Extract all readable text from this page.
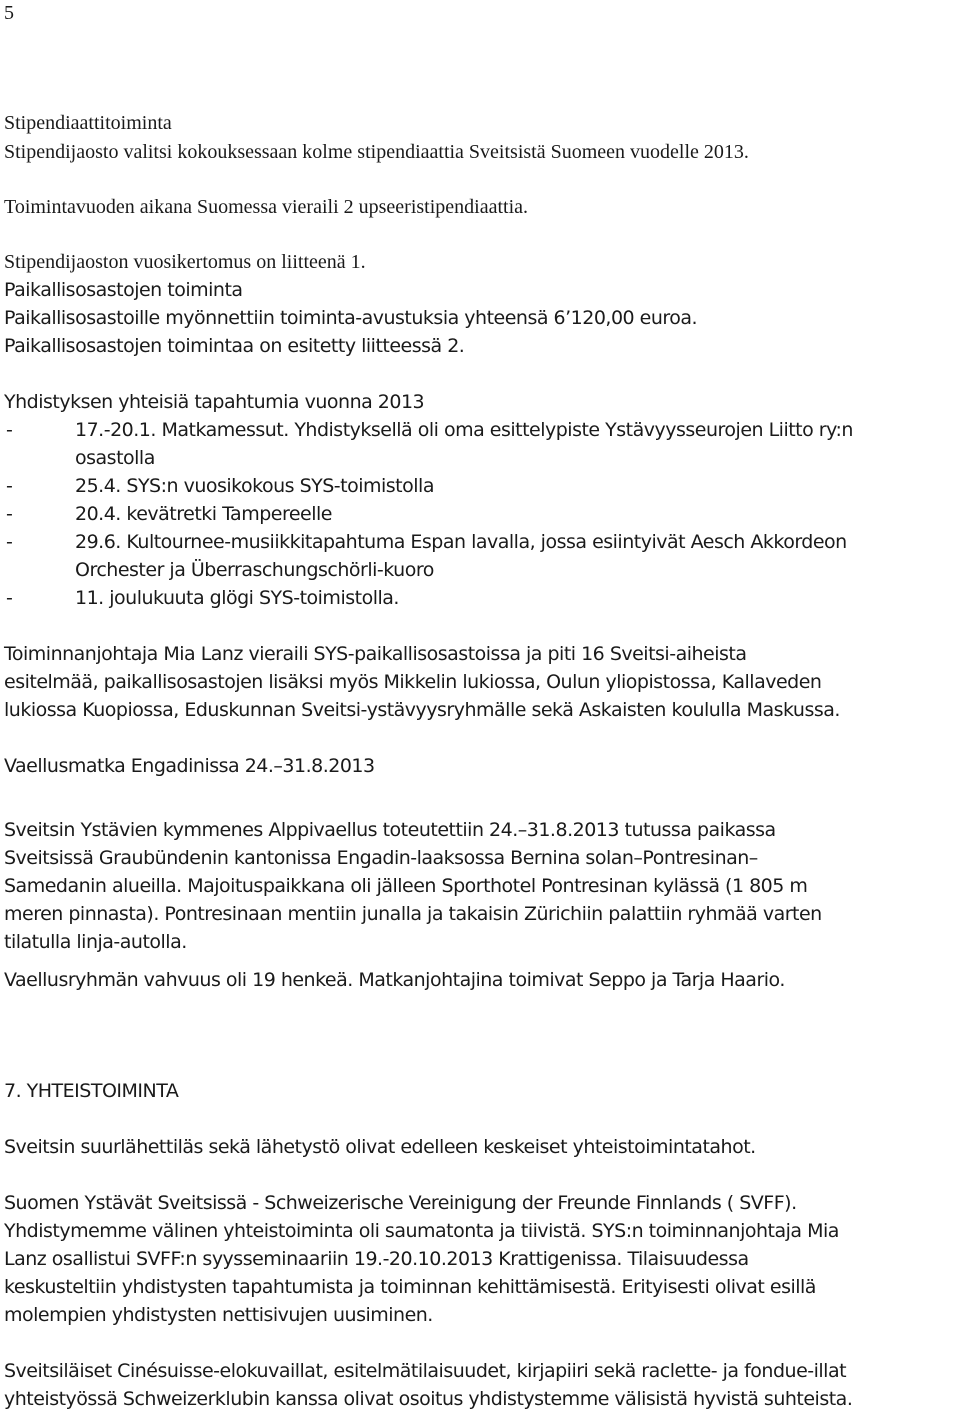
5
Stipendiaattitoiminta
Stipendijaosto valitsi kokouksessaan kolme stipendiaattia Sveitsistä Suomeen vuodelle 2013.
Toimintavuoden aikana Suomessa vieraili 2 upseeristipendiaattia.
Stipendijaoston vuosikertomus on liitteenä 1.
Paikallisosastojen toiminta
Paikallisosastoille myönnettiin toiminta-avustuksia yhteensä 6’120,00 euroa.
Paikallisosastojen toimintaa on esitetty liitteessä 2.
Yhdistyksen yhteisiä tapahtumia vuonna 2013
-	17.-20.1. Matkamessut. Yhdistyksellä oli oma esittelypiste Ystävyysseurojen Liitto ry:n
osastolla
-	25.4. SYS:n vuosikokous SYS-toimistolla
-	20.4. kevätretki Tampereelle
-	29.6. Kultournee-musiikkitapahtuma Espan lavalla, jossa esiintyivät Aesch Akkordeon
Orchester ja Überraschungschörli-kuoro
-	11. joulukuuta glögi SYS-toimistolla.
Toiminnanjohtaja Mia Lanz vieraili SYS-paikallisosastoissa ja piti 16 Sveitsi-aiheista
esitelmää, paikallisosastojen lisäksi myös Mikkelin lukiossa, Oulun yliopistossa, Kallaveden
lukiossa Kuopiossa, Eduskunnan Sveitsi-ystävyysryhmälle sekä Askaisten koululla Maskussa.
Vaellusmatka Engadinissa 24.–31.8.2013
Sveitsin Ystävien kymmenes Alppivaellus toteutettiin 24.–31.8.2013 tutussa paikassa
Sveitsissä Graubündenin kantonissa Engadin-laaksossa Bernina solan–Pontresinan–
Samedanin alueilla. Majoituspaikkana oli jälleen Sporthotel Pontresinan kylässä (1 805 m
meren pinnasta). Pontresinaan mentiin junalla ja takaisin Zürichiin palattiin ryhmää varten
tilatulla linja-autolla.
Vaellusryhmän vahvuus oli 19 henkeä. Matkanjohtajina toimivat Seppo ja Tarja Haario.
7. YHTEISTOIMINTA
Sveitsin suurlähettiläs sekä lähetystö olivat edelleen keskeiset yhteistoimintatahot.
Suomen Ystävät Sveitsissä - Schweizerische Vereinigung der Freunde Finnlands ( SVFF).
Yhdistymemme välinen yhteistoiminta oli saumatonta ja tiivistä. SYS:n toiminnanjohtaja Mia
Lanz osallistui SVFF:n syysseminaariin 19.-20.10.2013 Krattigenissa. Tilaisuudessa
keskusteltiin yhdistysten tapahtumista ja toiminnan kehittämisestä. Erityisesti olivat esillä
molempien yhdistysten nettisivujen uusiminen.
Sveitsiläiset Cinésuisse-elokuvaillat, esitelmätilaisuudet, kirjapiiri sekä raclette- ja fondue-illat
yhteistyössä Schweizerklubin kanssa olivat osoitus yhdistystemme välisistä hyvistä suhteista.
